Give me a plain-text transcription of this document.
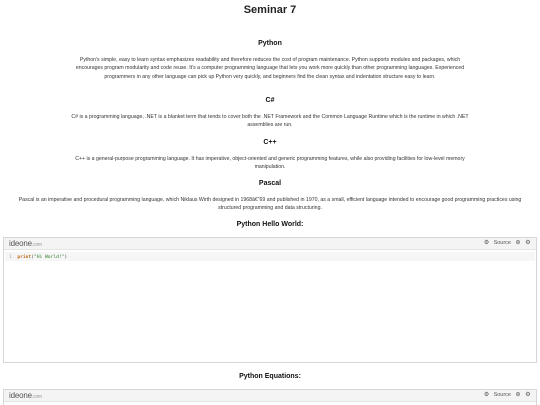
Seminar 7
Python
Python's simple, easy to learn syntax emphasizes readability and therefore reduces the cost of program maintenance. Python supports modules and packages, which encourages program modularity and code reuse. It's a computer programming language that lets you work more quickly than other programming languages. Experienced programmers in any other language can pick up Python very quickly, and beginners find the clean syntax and indentation structure easy to learn.
C#
C# is a programming language, .NET is a blanket term that tends to cover both the .NET Framework and the Common Language Runtime which is the runtime in which .NET assemblies are run.
C++
C++ is a general-purpose programming language. It has imperative, object-oriented and generic programming features, while also providing facilities for low-level memory manipulation.
Pascal
Pascal is an imperative and procedural programming language, which Niklaus Wirth designed in 1968â€“69 and published in 1970, as a small, efficient language intended to encourage good programming practices using structured programming and data structuring.
Python Hello World:
ideone.com	⚙ Source ⊛ ⚙
1. print("Hi World!")
Python Equations:
ideone.com	⚙ Source ⊛ ⚙
